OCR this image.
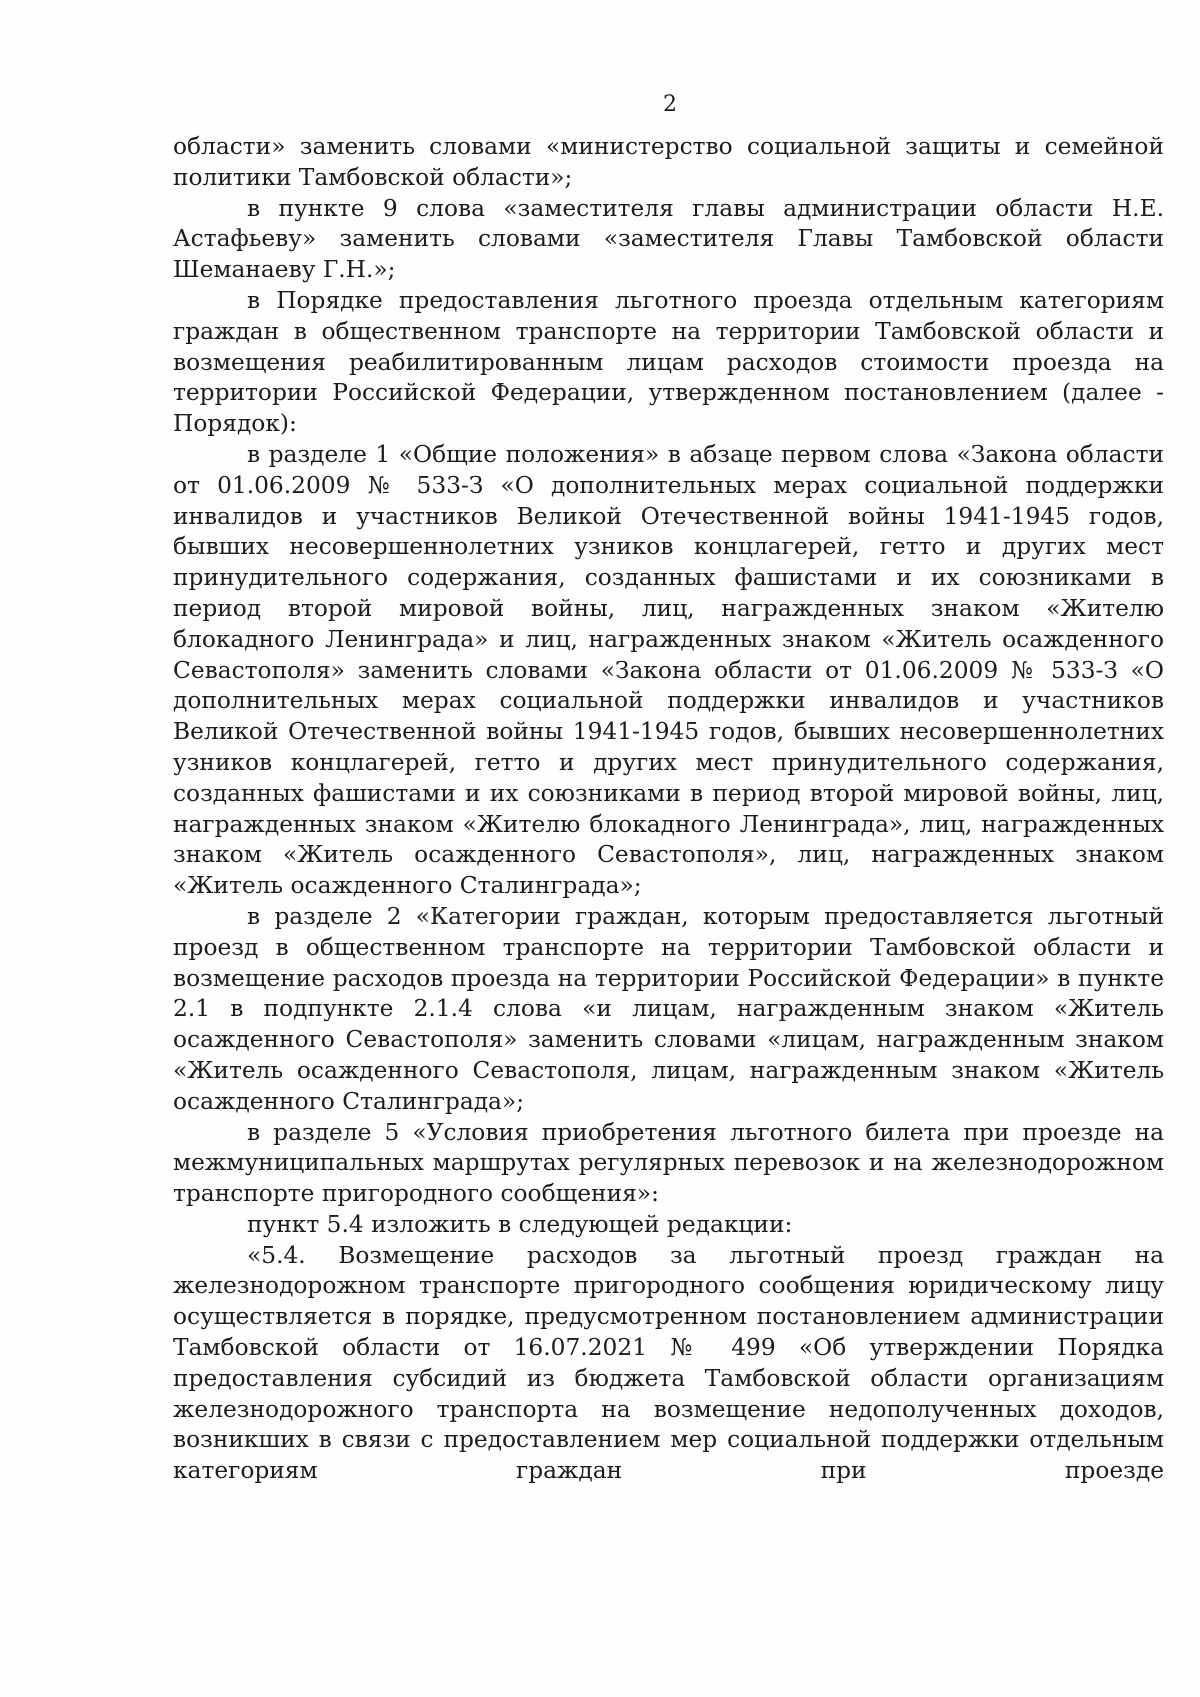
2

области» заменить словами «министерство социальной защиты и семейной политики Тамбовской области»;

в пункте 9 слова «заместителя главы администрации области Н.Е. Астафьеву» заменить словами «заместителя Главы Тамбовской области Шеманаеву Г.Н.»;

в Порядке предоставления льготного проезда отдельным категориям граждан в общественном транспорте на территории Тамбовской области и возмещения реабилитированным лицам расходов стоимости проезда на территории Российской Федерации, утвержденном постановлением (далее - Порядок):

в разделе 1 «Общие положения» в абзаце первом слова «Закона области от 01.06.2009 № 533-З «О дополнительных мерах социальной поддержки инвалидов и участников Великой Отечественной войны 1941-1945 годов, бывших несовершеннолетних узников концлагерей, гетто и других мест принудительного содержания, созданных фашистами и их союзниками в период второй мировой войны, лиц, награжденных знаком «Жителю блокадного Ленинграда» и лиц, награжденных знаком «Житель осажденного Севастополя» заменить словами «Закона области от 01.06.2009 № 533-З «О дополнительных мерах социальной поддержки инвалидов и участников Великой Отечественной войны 1941-1945 годов, бывших несовершеннолетних узников концлагерей, гетто и других мест принудительного содержания, созданных фашистами и их союзниками в период второй мировой войны, лиц, награжденных знаком «Жителю блокадного Ленинграда», лиц, награжденных знаком «Житель осажденного Севастополя», лиц, награжденных знаком «Житель осажденного Сталинграда»;

в разделе 2 «Категории граждан, которым предоставляется льготный проезд в общественном транспорте на территории Тамбовской области и возмещение расходов проезда на территории Российской Федерации» в пункте 2.1 в подпункте 2.1.4 слова «и лицам, награжденным знаком «Житель осажденного Севастополя» заменить словами «лицам, награжденным знаком «Житель осажденного Севастополя, лицам, награжденным знаком «Житель осажденного Сталинграда»;

в разделе 5 «Условия приобретения льготного билета при проезде на межмуниципальных маршрутах регулярных перевозок и на железнодорожном транспорте пригородного сообщения»:

пункт 5.4 изложить в следующей редакции:

«5.4. Возмещение расходов за льготный проезд граждан на железнодорожном транспорте пригородного сообщения юридическому лицу осуществляется в порядке, предусмотренном постановлением администрации Тамбовской области от 16.07.2021 № 499 «Об утверждении Порядка предоставления субсидий из бюджета Тамбовской области организациям железнодорожного транспорта на возмещение недополученных доходов, возникших в связи с предоставлением мер социальной поддержки отдельным категориям граждан при проезде
